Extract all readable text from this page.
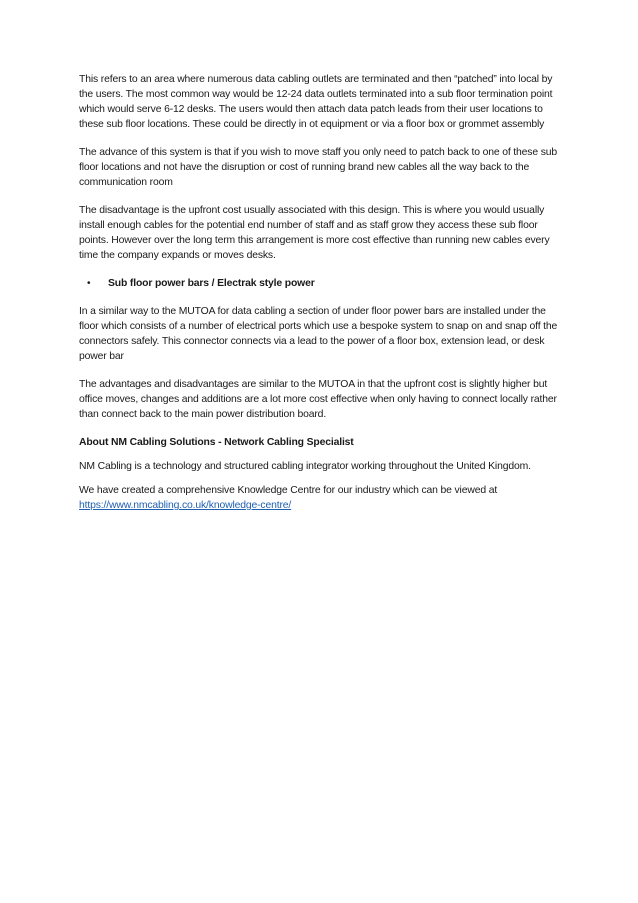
This refers to an area where numerous data cabling outlets are terminated and then “patched” into local by the users. The most common way would be 12-24 data outlets terminated into a sub floor termination point which would serve 6-12 desks. The users would then attach data patch leads from their user locations to these sub floor locations. These could be directly in ot equipment or via a floor box or grommet assembly

The advance of this system is that if you wish to move staff you only need to patch back to one of these sub floor locations and not have the disruption or cost of running brand new cables all the way back to the communication room

The disadvantage is the upfront cost usually associated with this design. This is where you would usually install enough cables for the potential end number of staff and as staff grow they access these sub floor points. However over the long term this arrangement is more cost effective than running new cables every time the company expands or moves desks.

•	Sub floor power bars / Electrak style power

In a similar way to the MUTOA for data cabling a section of under floor power bars are installed under the floor which consists of a number of electrical ports which use a bespoke system to snap on and snap off the connectors safely. This connector connects via a lead to the power of a floor box, extension lead, or desk power bar

The advantages and disadvantages are similar to the MUTOA in that the upfront cost is slightly higher but office moves, changes and additions are a lot more cost effective when only having to connect locally rather than connect back to the main power distribution board.

About NM Cabling Solutions - Network Cabling Specialist

NM Cabling is a technology and structured cabling integrator working throughout the United Kingdom.

We have created a comprehensive Knowledge Centre for our industry which can be viewed at https://www.nmcabling.co.uk/knowledge-centre/
